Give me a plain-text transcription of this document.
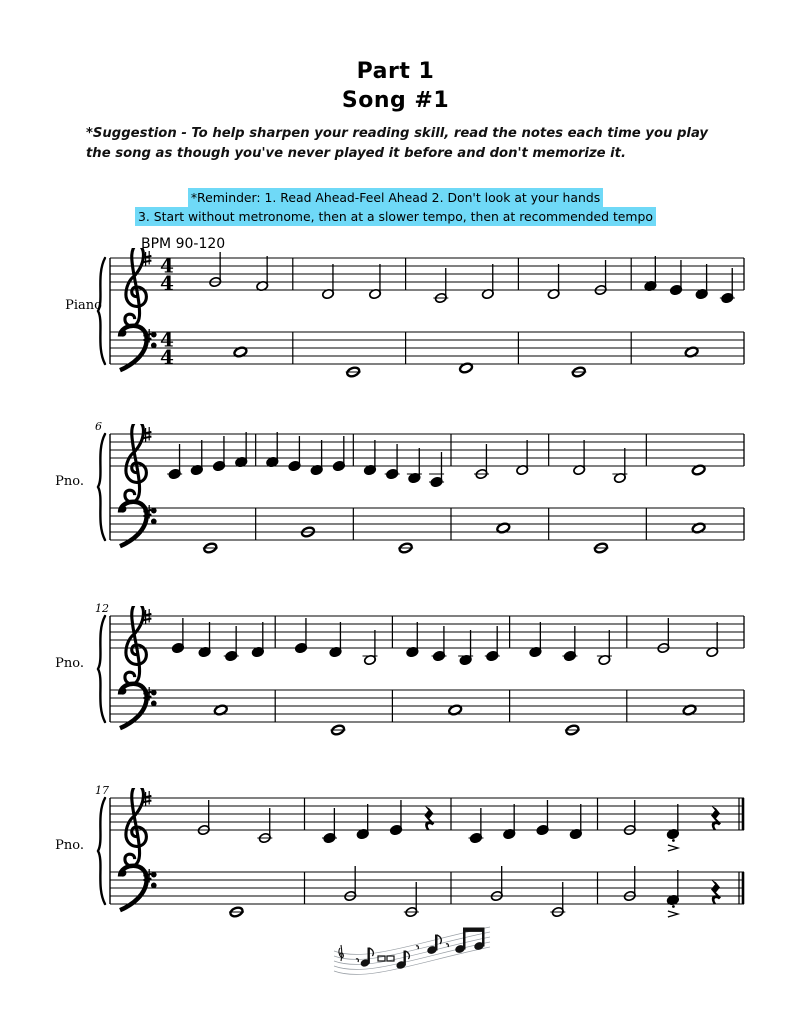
Part 1
Song #1
*Suggestion - To help sharpen your reading skill, read the notes each time you play the song as though you've never played it before and don't memorize it.
*Reminder: 1. Read Ahead-Feel Ahead 2. Don't look at your hands
3. Start without metronome, then at a slower tempo, then at recommended tempo
BPM 90-120
Piano
4
4
4
4
Pno.
6
Pno.
12
Pno.
17
